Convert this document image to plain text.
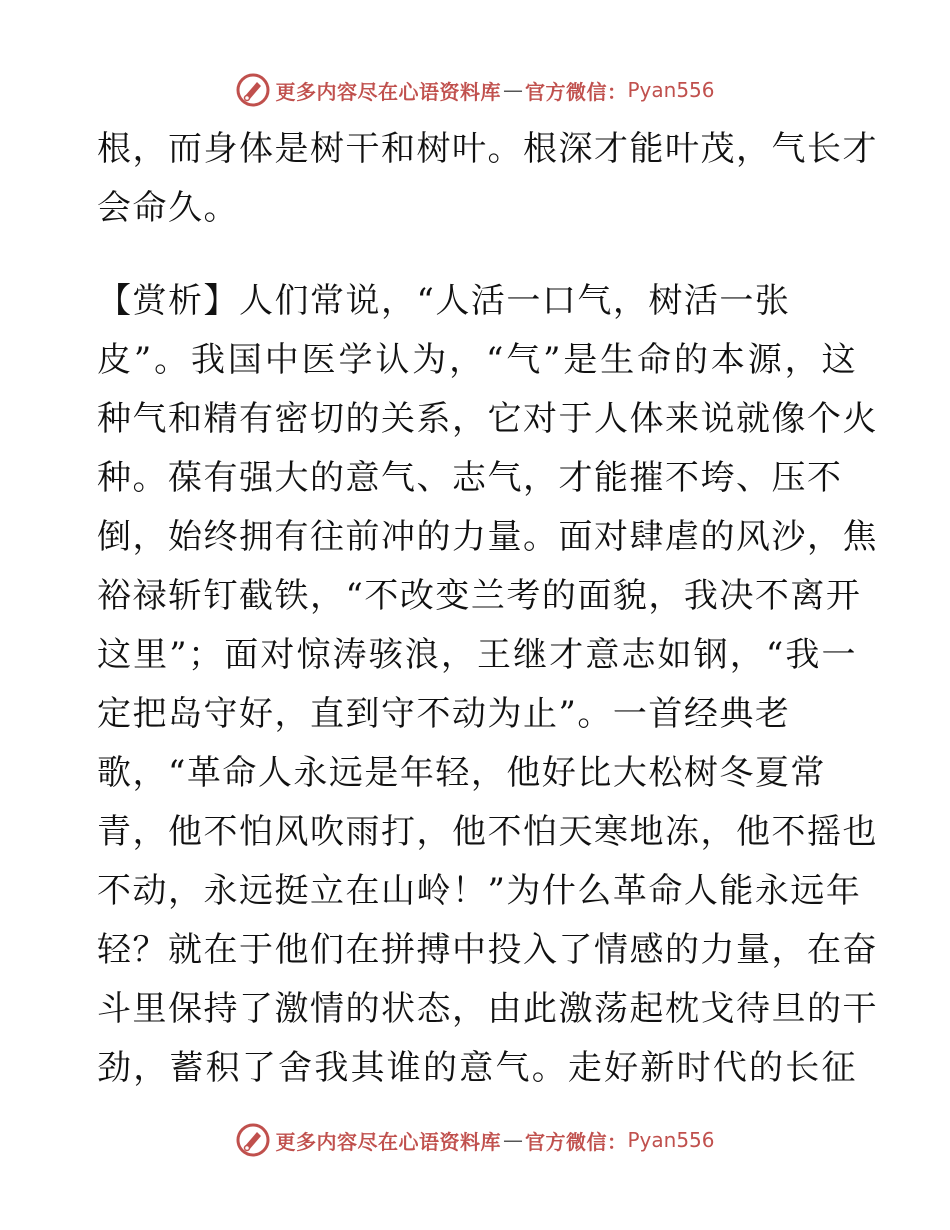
更多内容尽在心语资料库 — 官方微信： Pyan556
根，而身体是树干和树叶。根深才能叶茂，气长才
会命久。
【赏析】人们常说，“人活一口气，树活一张
皮”。我国中医学认为，“气”是生命的本源，这
种气和精有密切的关系，它对于人体来说就像个火
种。葆有强大的意气、志气，才能摧不垮、压不
倒，始终拥有往前冲的力量。面对肆虐的风沙，焦
裕禄斩钉截铁，“不改变兰考的面貌，我决不离开
这里”；面对惊涛骇浪，王继才意志如钢，“我一
定把岛守好，直到守不动为止”。一首经典老
歌，“革命人永远是年轻，他好比大松树冬夏常
青，他不怕风吹雨打，他不怕天寒地冻，他不摇也
不动，永远挺立在山岭！”为什么革命人能永远年
轻？就在于他们在拼搏中投入了情感的力量，在奋
斗里保持了激情的状态，由此激荡起枕戈待旦的干
劲，蓄积了舍我其谁的意气。走好新时代的长征
更多内容尽在心语资料库 — 官方微信： Pyan556
